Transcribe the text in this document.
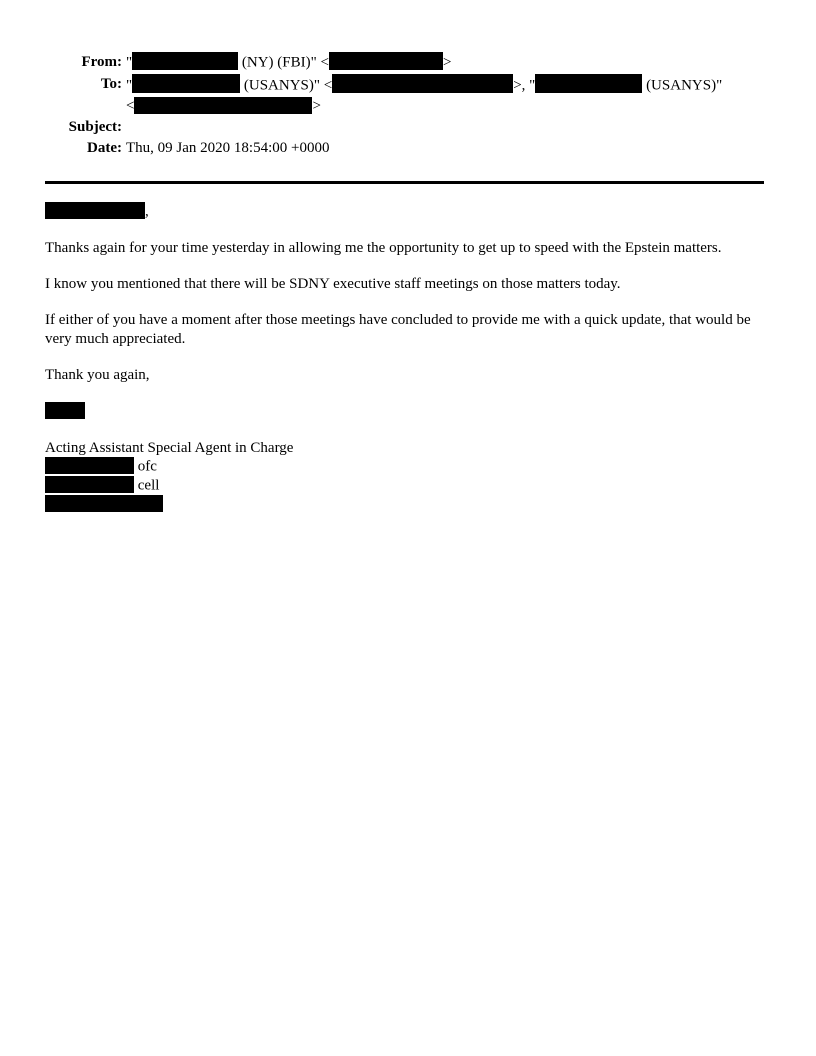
From: "	(NY) (FBI)" <	>
To: "	(USANYS)" <	>, "	(USANYS)"
<	>
Subject:
Date: Thu, 09 Jan 2020 18:54:00 +0000

,

Thanks again for your time yesterday in allowing me the opportunity to get up to speed with the Epstein matters.

I know you mentioned that there will be SDNY executive staff meetings on those matters today.

If either of you have a moment after those meetings have concluded to provide me with a quick update, that would be very much appreciated.

Thank you again,

Acting Assistant Special Agent in Charge
ofc
cell
